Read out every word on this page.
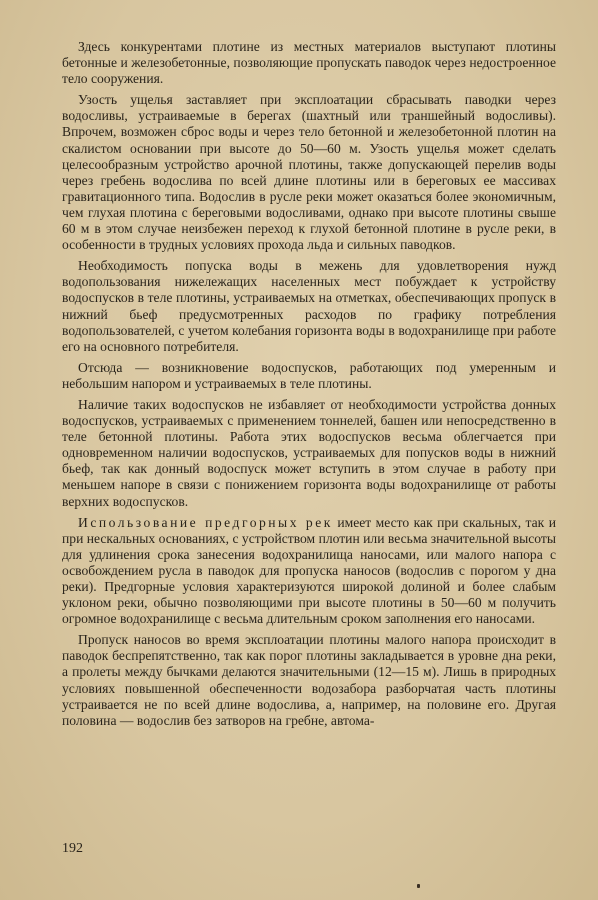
Здесь конкурентами плотине из местных материалов выступают плотины бетонные и железобетонные, позволяющие пропускать паводок через недостроенное тело сооружения.

Узость ущелья заставляет при эксплоатации сбрасывать паводки через водосливы, устраиваемые в берегах (шахтный или траншейный водосливы). Впрочем, возможен сброс воды и через тело бетонной и железобетонной плотин на скалистом основании при высоте до 50—60 м. Узость ущелья может сделать целесообразным устройство арочной плотины, также допускающей перелив воды через гребень водослива по всей длине плотины или в береговых ее массивах гравитационного типа. Водослив в русле реки может оказаться более экономичным, чем глухая плотина с береговыми водосливами, однако при высоте плотины свыше 60 м в этом случае неизбежен переход к глухой бетонной плотине в русле реки, в особенности в трудных условиях прохода льда и сильных паводков.

Необходимость попуска воды в межень для удовлетворения нужд водопользования нижележащих населенных мест побуждает к устройству водоспусков в теле плотины, устраиваемых на отметках, обеспечивающих пропуск в нижний бьеф предусмотренных расходов по графику потребления водопользователей, с учетом колебания горизонта воды в водохранилище при работе его на основного потребителя.

Отсюда — возникновение водоспусков, работающих под умеренным и небольшим напором и устраиваемых в теле плотины.

Наличие таких водоспусков не избавляет от необходимости устройства донных водоспусков, устраиваемых с применением тоннелей, башен или непосредственно в теле бетонной плотины. Работа этих водоспусков весьма облегчается при одновременном наличии водоспусков, устраиваемых для попусков воды в нижний бьеф, так как донный водоспуск может вступить в этом случае в работу при меньшем напоре в связи с понижением горизонта воды водохранилище от работы верхних водоспусков.

Использование предгорных рек имеет место как при скальных, так и при нескальных основаниях, с устройством плотин или весьма значительной высоты для удлинения срока занесения водохранилища наносами, или малого напора с освобождением русла в паводок для пропуска наносов (водослив с порогом у дна реки). Предгорные условия характеризуются широкой долиной и более слабым уклоном реки, обычно позволяющими при высоте плотины в 50—60 м получить огромное водохранилище с весьма длительным сроком заполнения его наносами.

Пропуск наносов во время эксплоатации плотины малого напора происходит в паводок беспрепятственно, так как порог плотины закладывается в уровне дна реки, а пролеты между бычками делаются значительными (12—15 м). Лишь в природных условиях повышенной обеспеченности водозабора разборчатая часть плотины устраивается не по всей длине водослива, а, например, на половине его. Другая половина — водослив без затворов на гребне, автома-

192
